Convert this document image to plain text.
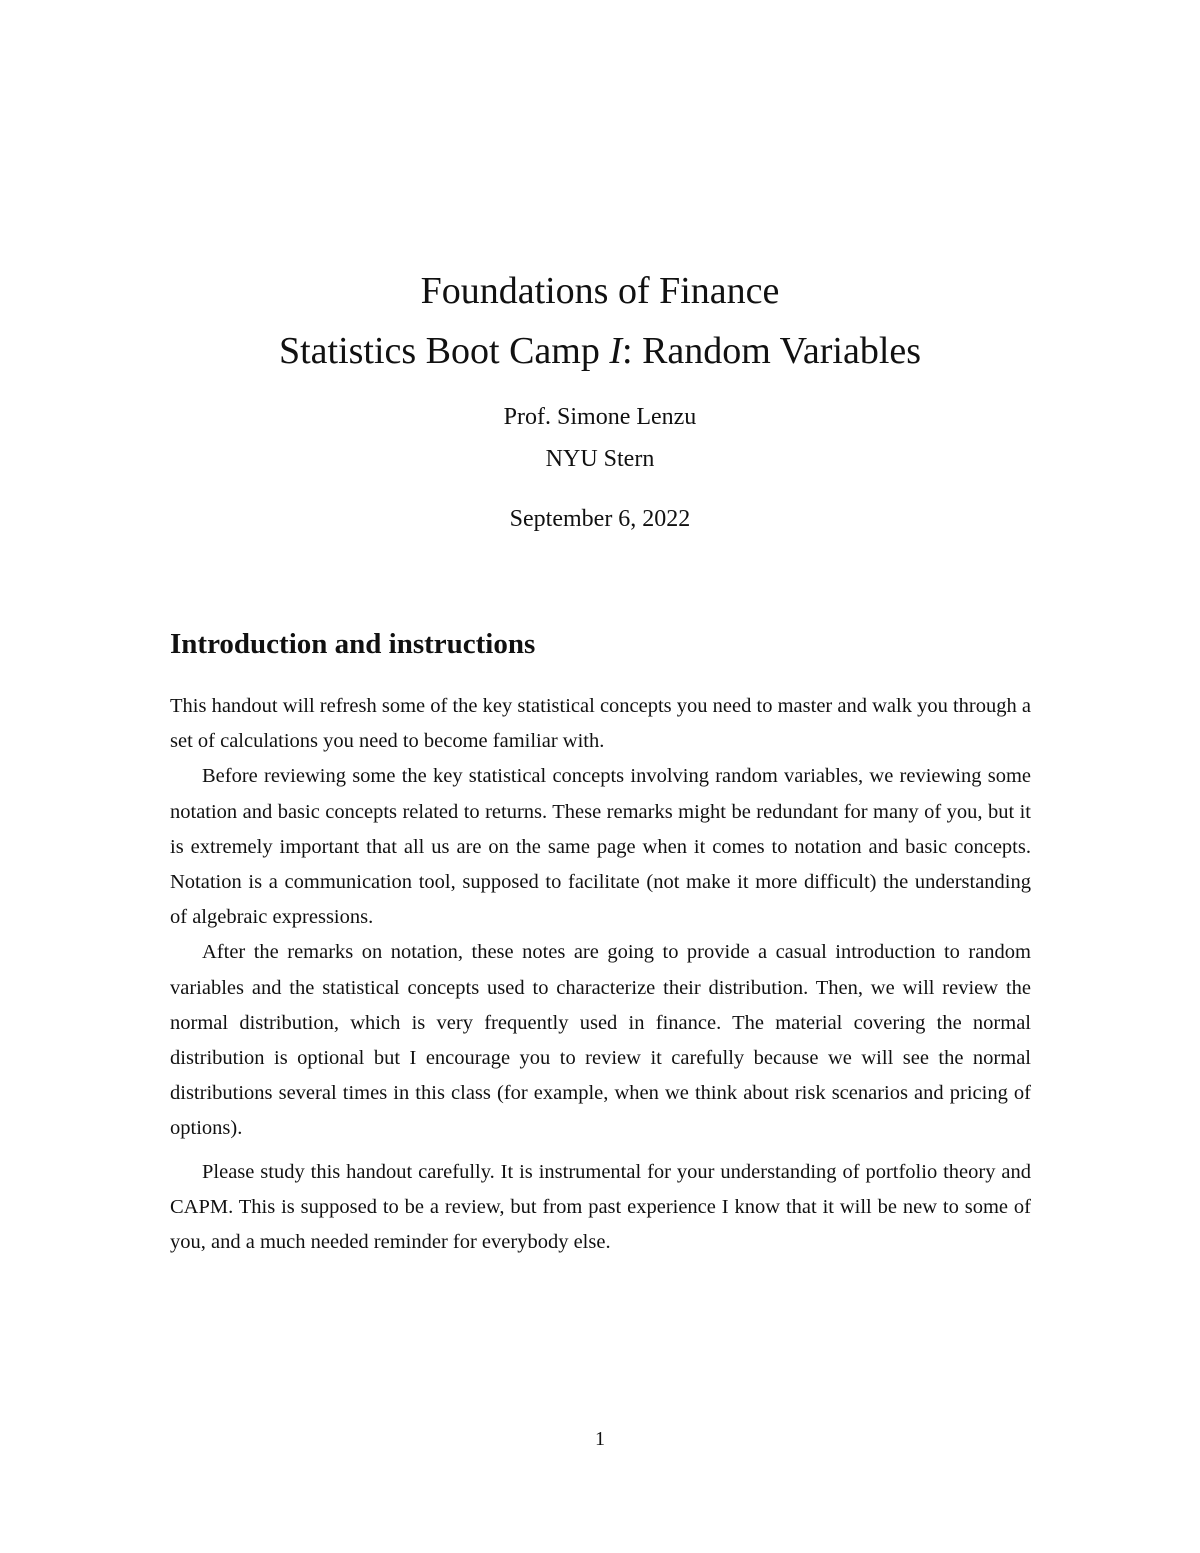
Foundations of Finance
Statistics Boot Camp I: Random Variables
Prof. Simone Lenzu
NYU Stern
September 6, 2022
Introduction and instructions

This handout will refresh some of the key statistical concepts you need to master and walk you through a set of calculations you need to become familiar with.

Before reviewing some the key statistical concepts involving random variables, we reviewing some notation and basic concepts related to returns. These remarks might be redundant for many of you, but it is extremely important that all us are on the same page when it comes to notation and basic concepts. Notation is a communication tool, supposed to facilitate (not make it more difficult) the understanding of algebraic expressions.

After the remarks on notation, these notes are going to provide a casual introduction to random variables and the statistical concepts used to characterize their distribution. Then, we will review the normal distribution, which is very frequently used in finance. The material covering the normal distribution is optional but I encourage you to review it carefully because we will see the normal distributions several times in this class (for example, when we think about risk scenarios and pricing of options).

Please study this handout carefully. It is instrumental for your understanding of portfolio theory and CAPM. This is supposed to be a review, but from past experience I know that it will be new to some of you, and a much needed reminder for everybody else.

1
